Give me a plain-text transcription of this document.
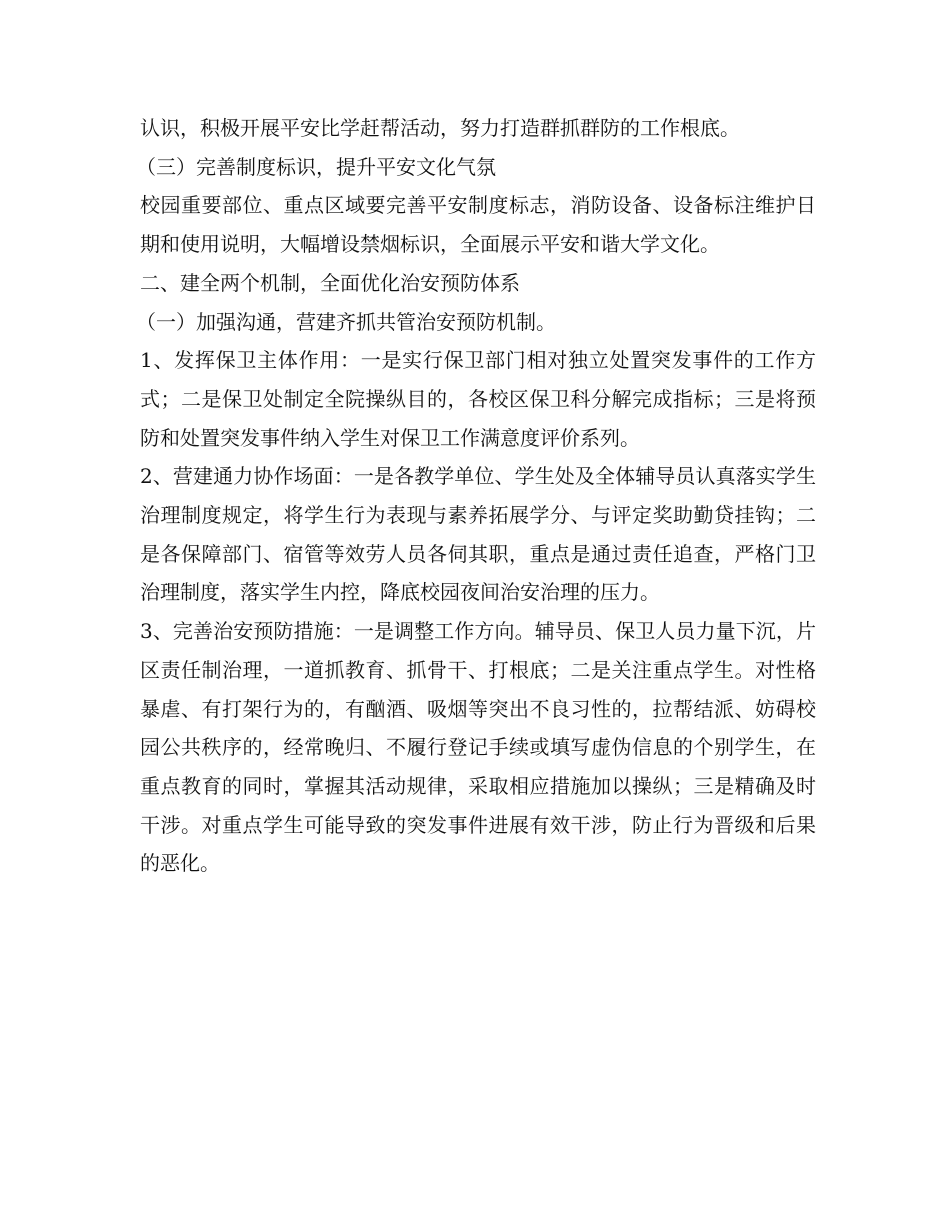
认识，积极开展平安比学赶帮活动，努力打造群抓群防的工作根底。

（三）完善制度标识，提升平安文化气氛

校园重要部位、重点区域要完善平安制度标志，消防设备、设备标注维护日期和使用说明，大幅增设禁烟标识，全面展示平安和谐大学文化。

二、建全两个机制，全面优化治安预防体系

（一）加强沟通，营建齐抓共管治安预防机制。

1、发挥保卫主体作用：一是实行保卫部门相对独立处置突发事件的工作方式；二是保卫处制定全院操纵目的，各校区保卫科分解完成指标；三是将预防和处置突发事件纳入学生对保卫工作满意度评价系列。

2、营建通力协作场面：一是各教学单位、学生处及全体辅导员认真落实学生治理制度规定，将学生行为表现与素养拓展学分、与评定奖助勤贷挂钩；二是各保障部门、宿管等效劳人员各伺其职，重点是通过责任追查，严格门卫治理制度，落实学生内控，降底校园夜间治安治理的压力。

3、完善治安预防措施：一是调整工作方向。辅导员、保卫人员力量下沉，片区责任制治理，一道抓教育、抓骨干、打根底；二是关注重点学生。对性格暴虐、有打架行为的，有酗酒、吸烟等突出不良习性的，拉帮结派、妨碍校园公共秩序的，经常晚归、不履行登记手续或填写虚伪信息的个别学生，在重点教育的同时，掌握其活动规律，采取相应措施加以操纵；三是精确及时干涉。对重点学生可能导致的突发事件进展有效干涉，防止行为晋级和后果的恶化。
